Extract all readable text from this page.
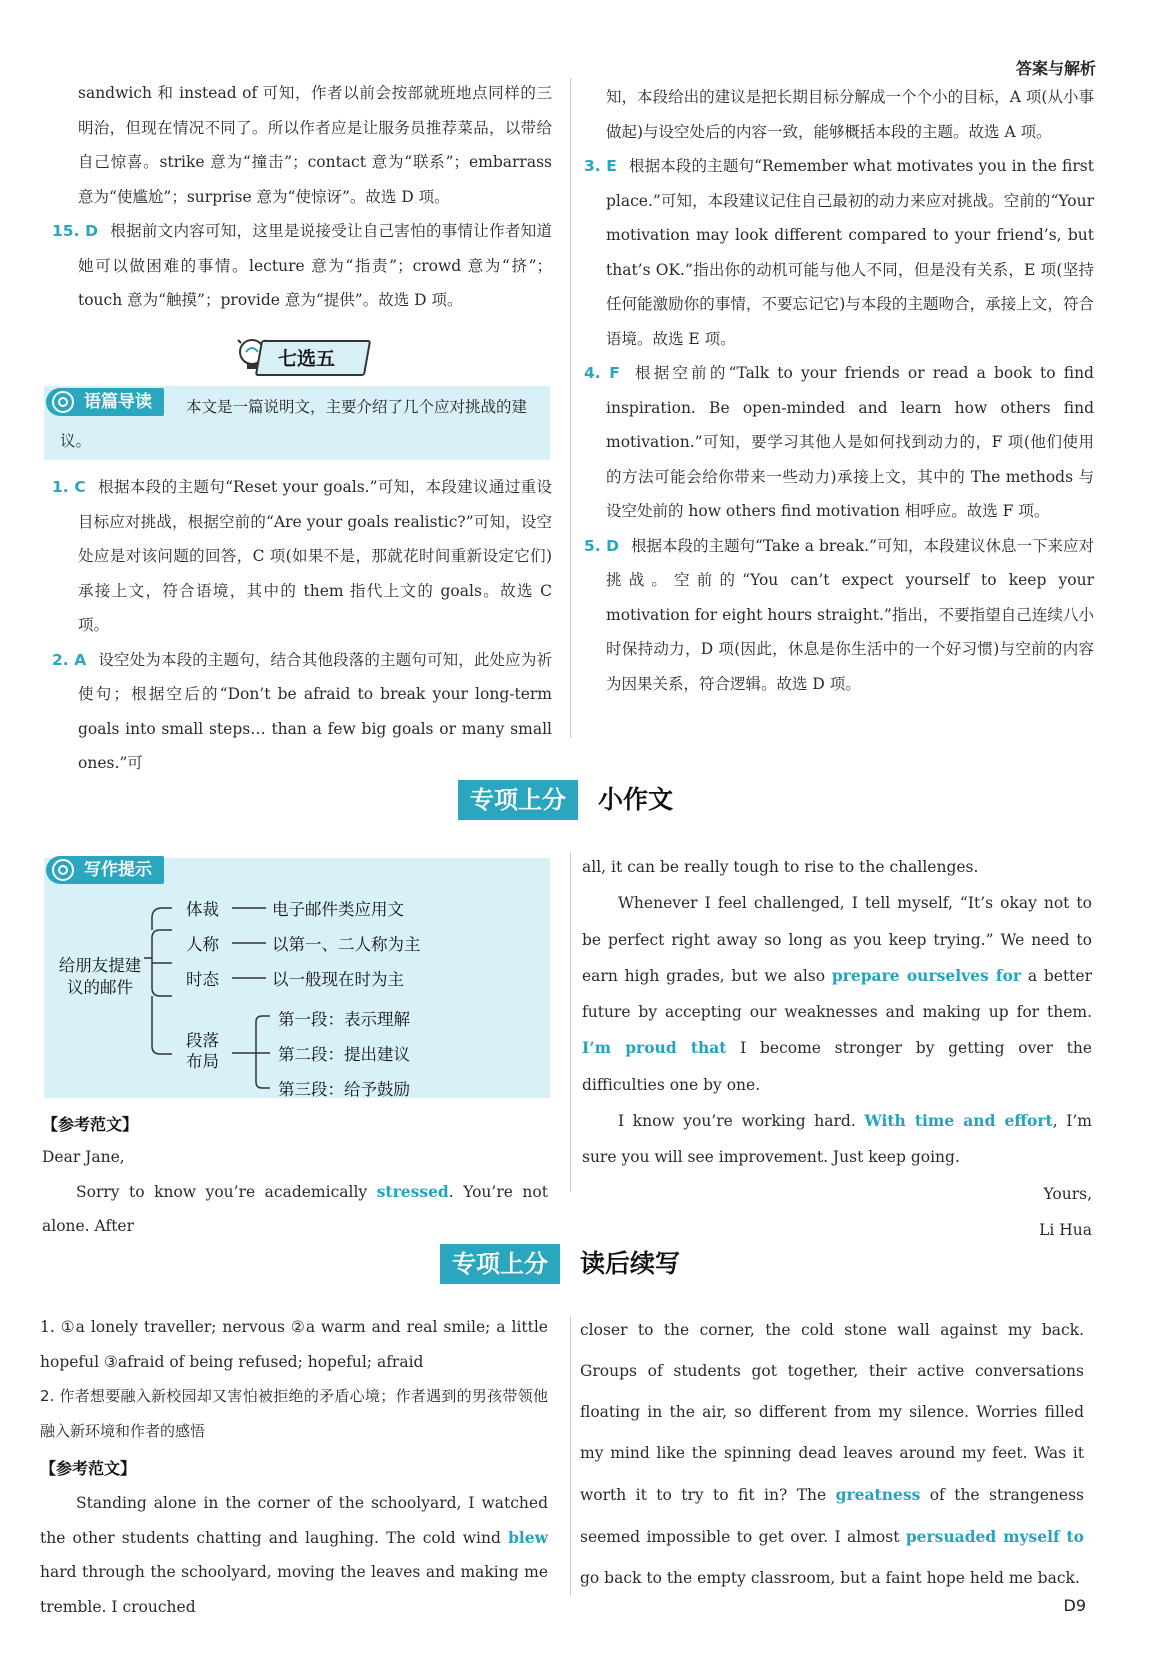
答案与解析

sandwich 和 instead of 可知，作者以前会按部就班地点同样的三明治，但现在情况不同了。所以作者应是让服务员推荐菜品，以带给自己惊喜。strike 意为“撞击”；contact 意为“联系”；embarrass 意为“使尴尬”；surprise 意为“使惊讶”。故选 D 项。

15. D 根据前文内容可知，这里是说接受让自己害怕的事情让作者知道她可以做困难的事情。lecture 意为“指责”；crowd 意为“挤”；touch 意为“触摸”；provide 意为“提供”。故选 D 项。

七选五
语篇导读	本文是一篇说明文，主要介绍了几个应对挑战的建议。

1. C 根据本段的主题句“Reset your goals.”可知，本段建议通过重设目标应对挑战，根据空前的“Are your goals realistic?”可知，设空处应是对该问题的回答，C 项(如果不是，那就花时间重新设定它们)承接上文，符合语境，其中的 them 指代上文的 goals。故选 C 项。

2. A 设空处为本段的主题句，结合其他段落的主题句可知，此处应为祈使句；根据空后的“Don’t be afraid to break your long-term goals into small steps… than a few big goals or many small ones.”可

知，本段给出的建议是把长期目标分解成一个个小的目标，A 项(从小事做起)与设空处后的内容一致，能够概括本段的主题。故选 A 项。

3. E 根据本段的主题句“Remember what motivates you in the first place.”可知，本段建议记住自己最初的动力来应对挑战。空前的“Your motivation may look different compared to your friend’s, but that’s OK.”指出你的动机可能与他人不同，但是没有关系，E 项(坚持任何能激励你的事情，不要忘记它)与本段的主题吻合，承接上文，符合语境。故选 E 项。

4. F 根据空前的“Talk to your friends or read a book to find inspiration. Be open-minded and learn how others find motivation.”可知，要学习其他人是如何找到动力的，F 项(他们使用的方法可能会给你带来一些动力)承接上文，其中的 The methods 与设空处前的 how others find motivation 相呼应。故选 F 项。

5. D 根据本段的主题句“Take a break.”可知，本段建议休息一下来应对挑战。空前的“You can’t expect yourself to keep your motivation for eight hours straight.”指出，不要指望自己连续八小时保持动力，D 项(因此，休息是你生活中的一个好习惯)与空前的内容为因果关系，符合逻辑。故选 D 项。

专项上分	小作文
写作提示
给朋友提建议的邮件
体裁	电子邮件类应用文
人称	以第一、二人称为主
时态	以一般现在时为主
段落布局
第一段：表示理解
第二段：提出建议
第三段：给予鼓励
【参考范文】

Dear Jane,

Sorry to know you’re academically stressed. You’re not alone. After

all, it can be really tough to rise to the challenges.

Whenever I feel challenged, I tell myself, “It’s okay not to be perfect right away so long as you keep trying.” We need to earn high grades, but we also prepare ourselves for a better future by accepting our weaknesses and making up for them. I’m proud that I become stronger by getting over the difficulties one by one.

I know you’re working hard. With time and effort, I’m sure you will see improvement. Just keep going.

Yours,

Li Hua

专项上分	读后续写

1. ①a lonely traveller; nervous ②a warm and real smile; a little hopeful ③afraid of being refused; hopeful; afraid

2. 作者想要融入新校园却又害怕被拒绝的矛盾心境；作者遇到的男孩带领他融入新环境和作者的感悟

【参考范文】

Standing alone in the corner of the schoolyard, I watched the other students chatting and laughing. The cold wind blew hard through the schoolyard, moving the leaves and making me tremble. I crouched

closer to the corner, the cold stone wall against my back. Groups of students got together, their active conversations floating in the air, so different from my silence. Worries filled my mind like the spinning dead leaves around my feet. Was it worth it to try to fit in? The greatness of the strangeness seemed impossible to get over. I almost persuaded myself to go back to the empty classroom, but a faint hope held me back.

D9
